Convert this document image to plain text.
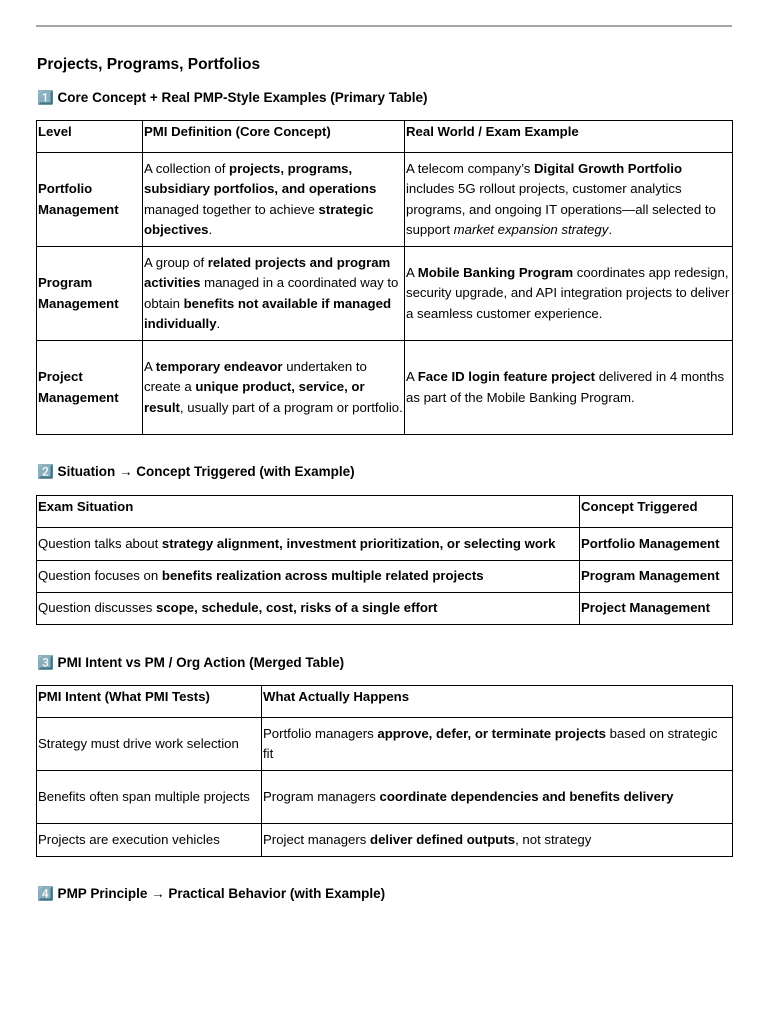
Projects, Programs, Portfolios
1️⃣ Core Concept + Real PMP-Style Examples (Primary Table)
Level	PMI Definition (Core Concept)	Real World / Exam Example
Portfolio Management	A collection of projects, programs, subsidiary portfolios, and operations managed together to achieve strategic objectives.	A telecom company’s Digital Growth Portfolio includes 5G rollout projects, customer analytics programs, and ongoing IT operations—all selected to support market expansion strategy.
Program Management	A group of related projects and program activities managed in a coordinated way to obtain benefits not available if managed individually.	A Mobile Banking Program coordinates app redesign, security upgrade, and API integration projects to deliver a seamless customer experience.
Project Management	A temporary endeavor undertaken to create a unique product, service, or result, usually part of a program or portfolio.	A Face ID login feature project delivered in 4 months as part of the Mobile Banking Program.
2️⃣ Situation → Concept Triggered (with Example)
Exam Situation	Concept Triggered
Question talks about strategy alignment, investment prioritization, or selecting work	Portfolio Management
Question focuses on benefits realization across multiple related projects	Program Management
Question discusses scope, schedule, cost, risks of a single effort	Project Management
3️⃣ PMI Intent vs PM / Org Action (Merged Table)
PMI Intent (What PMI Tests)	What Actually Happens
Strategy must drive work selection	Portfolio managers approve, defer, or terminate projects based on strategic fit
Benefits often span multiple projects	Program managers coordinate dependencies and benefits delivery
Projects are execution vehicles	Project managers deliver defined outputs, not strategy
4️⃣ PMP Principle → Practical Behavior (with Example)
